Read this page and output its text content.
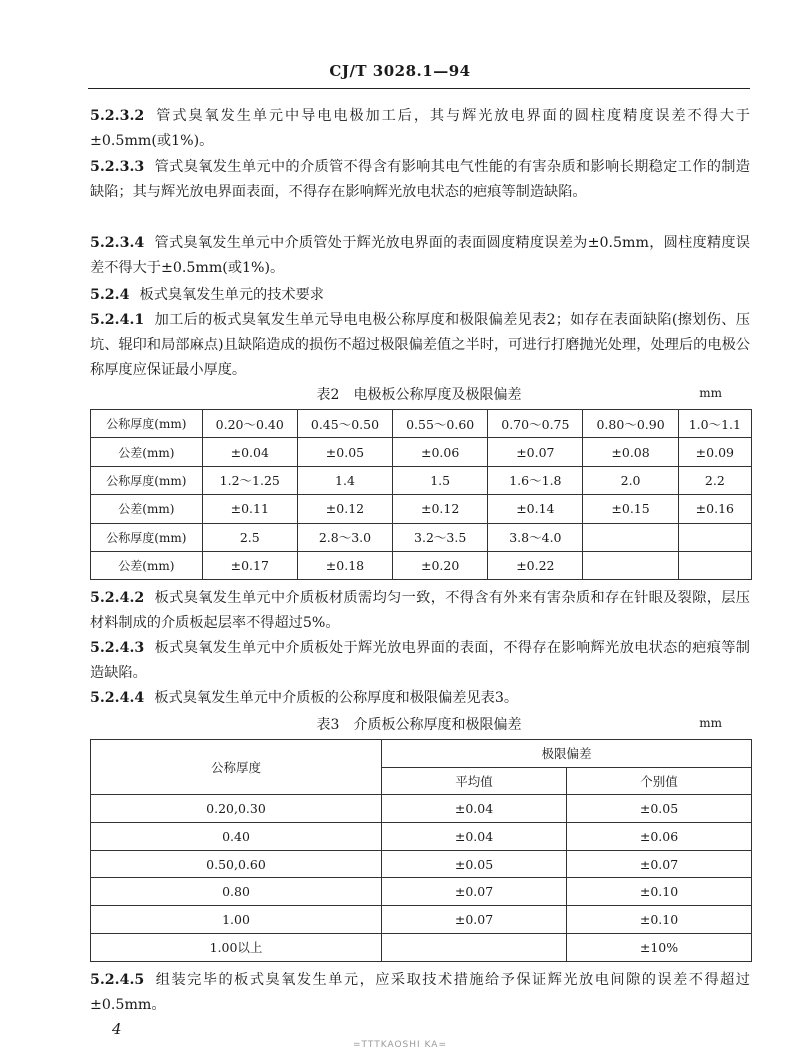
CJ/T 3028.1—94
5.2.3.2 管式臭氧发生单元中导电电极加工后，其与辉光放电界面的圆柱度精度误差不得大于±0.5mm(或1%)。
5.2.3.3 管式臭氧发生单元中的介质管不得含有影响其电气性能的有害杂质和影响长期稳定工作的制造缺陷；其与辉光放电界面表面，不得存在影响辉光放电状态的疤痕等制造缺陷。
5.2.3.4 管式臭氧发生单元中介质管处于辉光放电界面的表面圆度精度误差为±0.5mm，圆柱度精度误差不得大于±0.5mm(或1%)。
5.2.4 板式臭氧发生单元的技术要求
5.2.4.1 加工后的板式臭氧发生单元导电电极公称厚度和极限偏差见表2；如存在表面缺陷(擦划伤、压坑、辊印和局部麻点)且缺陷造成的损伤不超过极限偏差值之半时，可进行打磨抛光处理，处理后的电极公称厚度应保证最小厚度。
表2　电极板公称厚度及极限偏差	mm
公称厚度(mm)	0.20～0.40	0.45～0.50	0.55～0.60	0.70～0.75	0.80～0.90	1.0～1.1
公差(mm)	±0.04	±0.05	±0.06	±0.07	±0.08	±0.09
公称厚度(mm)	1.2～1.25	1.4	1.5	1.6～1.8	2.0	2.2
公差(mm)	±0.11	±0.12	±0.12	±0.14	±0.15	±0.16
公称厚度(mm)	2.5	2.8～3.0	3.2～3.5	3.8～4.0		
公差(mm)	±0.17	±0.18	±0.20	±0.22		
5.2.4.2 板式臭氧发生单元中介质板材质需均匀一致，不得含有外来有害杂质和存在针眼及裂隙，层压材料制成的介质板起层率不得超过5%。
5.2.4.3 板式臭氧发生单元中介质板处于辉光放电界面的表面，不得存在影响辉光放电状态的疤痕等制造缺陷。
5.2.4.4 板式臭氧发生单元中介质板的公称厚度和极限偏差见表3。
表3　介质板公称厚度和极限偏差	mm
公称厚度	极限偏差	
	平均值	个别值
0.20,0.30	±0.04	±0.05
0.40	±0.04	±0.06
0.50,0.60	±0.05	±0.07
0.80	±0.07	±0.10
1.00	±0.07	±0.10
1.00以上		±10%
5.2.4.5 组装完毕的板式臭氧发生单元，应采取技术措施给予保证辉光放电间隙的误差不得超过±0.5mm。
4
=TTTKAOSHI KA=
